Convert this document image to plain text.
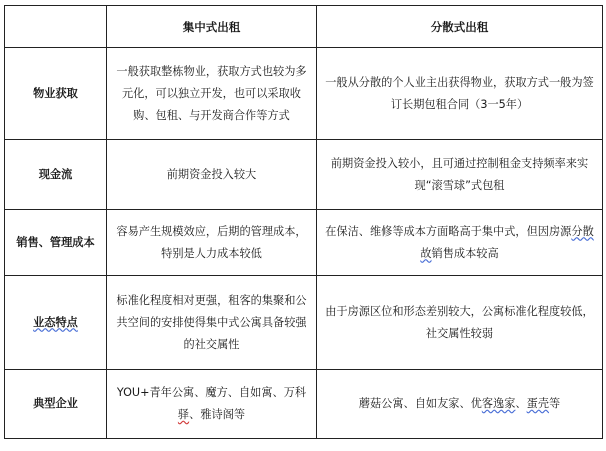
	集中式出租	分散式出租
物业获取	一般获取整栋物业，获取方式也较为多元化，可以独立开发，也可以采取收购、包租、与开发商合作等方式	一般从分散的个人业主出获得物业，获取方式一般为签订长期包租合同（3一5年）
现金流	前期资金投入较大	前期资金投入较小，且可通过控制租金支持频率来实现“滚雪球”式包租
销售、管理成本	容易产生规模效应，后期的管理成本，特别是人力成本较低	在保洁、维修等成本方面略高于集中式，但因房源分散故销售成本较高
业态特点	标准化程度相对更强，租客的集聚和公共空间的安排使得集中式公寓具备较强的社交属性	由于房源区位和形态差别较大，公寓标准化程度较低，社交属性较弱
典型企业	YOU+青年公寓、魔方、自如寓、万科驿、雅诗阁等	蘑菇公寓、自如友家、优客逸家、蛋壳等
